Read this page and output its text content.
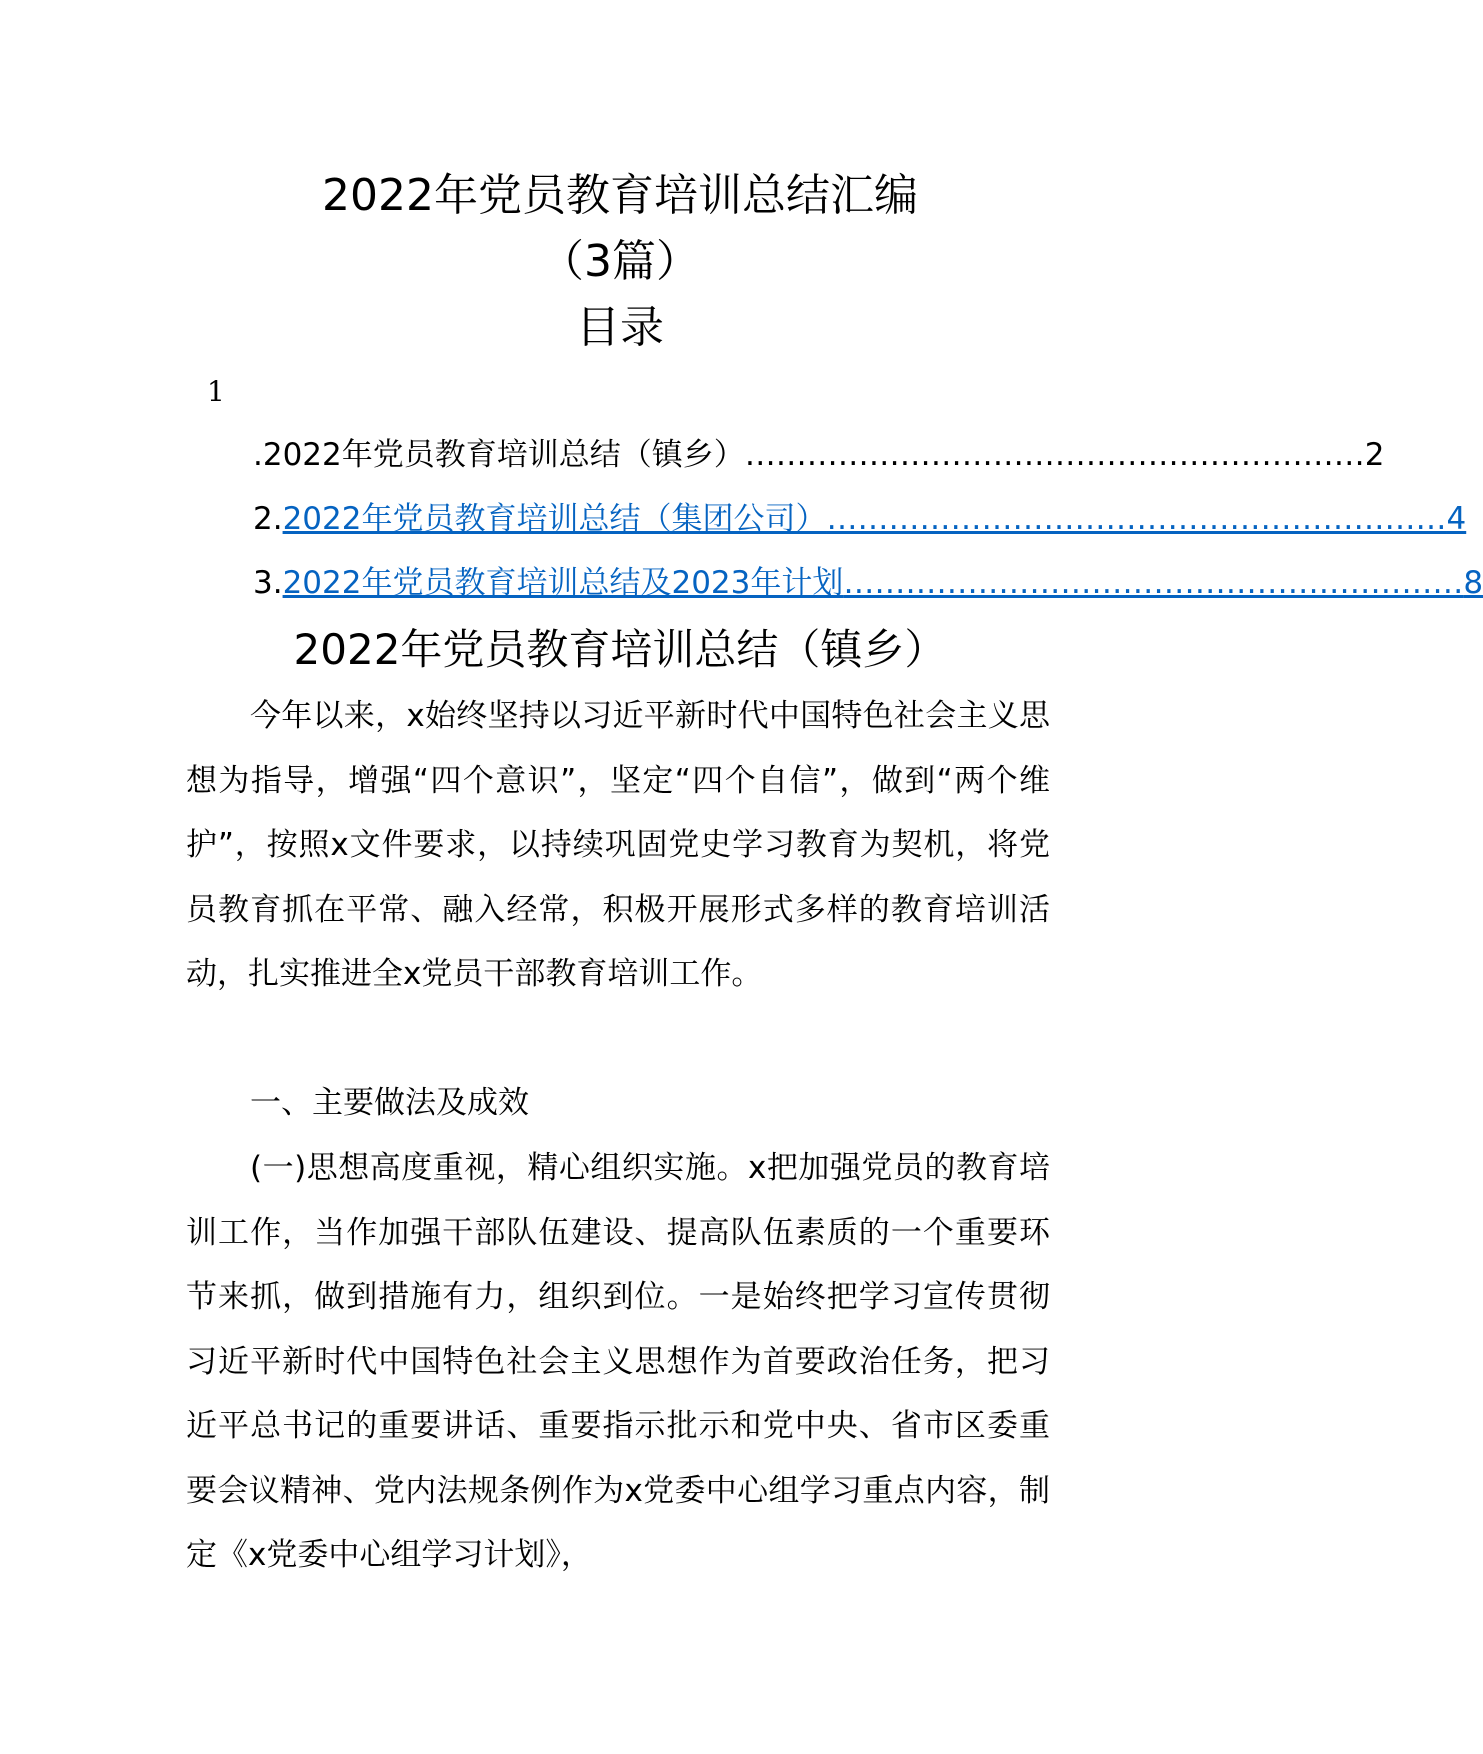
2022年党员教育培训总结汇编
（3篇）
目录
1
. 2022年党员教育培训总结（镇乡） …………………………………………………… 2
2. 2022年党员教育培训总结（集团公司） …………………………………………………… 4
3. 2022年党员教育培训总结及2023年计划 …………………………………………………… 8
2022年党员教育培训总结（镇乡）

今年以来，x始终坚持以习近平新时代中国特色社会主义思想为指导，增强“四个意识”，坚定“四个自信”，做到“两个维护”，按照x文件要求，以持续巩固党史学习教育为契机，将党员教育抓在平常、融入经常，积极开展形式多样的教育培训活动，扎实推进全x党员干部教育培训工作。

一、主要做法及成效

(一)思想高度重视，精心组织实施。x把加强党员的教育培训工作，当作加强干部队伍建设、提高队伍素质的一个重要环节来抓，做到措施有力，组织到位。一是始终把学习宣传贯彻习近平新时代中国特色社会主义思想作为首要政治任务，把习近平总书记的重要讲话、重要指示批示和党中央、省市区委重要会议精神、党内法规条例作为x党委中心组学习重点内容，制定《x党委中心组学习计划》，
